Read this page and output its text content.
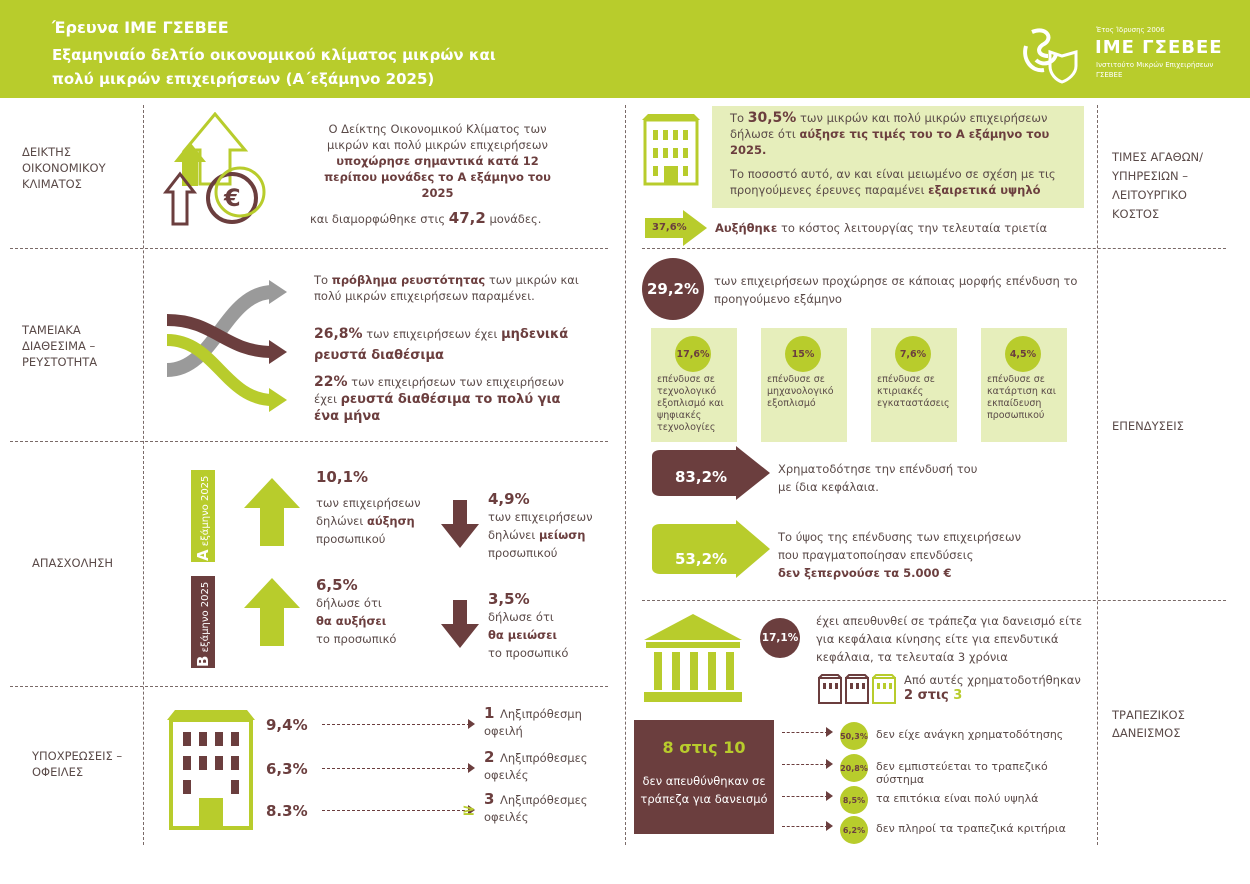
Έρευνα ΙΜΕ ΓΣΕΒΕΕ
Εξαμηνιαίο δελτίο οικονομικού κλίματος μικρών και πολύ μικρών επιχειρήσεων (Α΄εξάμηνο 2025)
Έτος Ίδρυσης 2006
ΙΜΕ ΓΣΕΒΕΕ
Ινστιτούτο Μικρών Επιχειρήσεων ΓΣΕΒΕΕ
ΔΕΙΚΤΗΣ ΟΙΚΟΝΟΜΙΚΟΥ ΚΛΙΜΑΤΟΣ
ΤΑΜΕΙΑΚΑ ΔΙΑΘΕΣΙΜΑ – ΡΕΥΣΤΟΤΗΤΑ
ΑΠΑΣΧΟΛΗΣΗ
ΥΠΟΧΡΕΩΣΕΙΣ – ΟΦΕΙΛΕΣ
ΤΙΜΕΣ ΑΓΑΘΩΝ/ ΥΠΗΡΕΣΙΩΝ – ΛΕΙΤΟΥΡΓΙΚΟ ΚΟΣΤΟΣ
ΕΠΕΝΔΥΣΕΙΣ
ΤΡΑΠΕΖΙΚΟΣ ΔΑΝΕΙΣΜΟΣ
€
Ο Δείκτης Οικονομικού Κλίματος των μικρών και πολύ μικρών επιχειρήσεων υποχώρησε σημαντικά κατά 12 περίπου μονάδες το Α εξάμηνο του 2025
και διαμορφώθηκε στις 47,2 μονάδες.
Το πρόβλημα ρευστότητας των μικρών και πολύ μικρών επιχειρήσεων παραμένει.
26,8% των επιχειρήσεων έχει μηδενικά ρευστά διαθέσιμα
22% των επιχειρήσεων των επιχειρήσεων έχει ρευστά διαθέσιμα το πολύ για ένα μήνα
Α εξάμηνο 2025
Β εξάμηνο 2025
10,1%
των επιχειρήσεων
δηλώνει αύξηση
προσωπικού
4,9%
των επιχειρήσεων
δηλώνει μείωση
προσωπικού
6,5%
δήλωσε ότι
θα αυξήσει
το προσωπικό
3,5%
δήλωσε ότι
θα μειώσει
το προσωπικό
9,4%
1 Ληξιπρόθεσμη οφειλή
6,3%
2 Ληξιπρόθεσμες οφειλές
8.3%	≥
3 Ληξιπρόθεσμες οφειλές
Το 30,5% των μικρών και πολύ μικρών επιχειρήσεων δήλωσε ότι αύξησε τις τιμές του το Α εξάμηνο του 2025.
Το ποσοστό αυτό, αν και είναι μειωμένο σε σχέση με τις προηγούμενες έρευνες παραμένει εξαιρετικά υψηλό
37,6% Αυξήθηκε το κόστος λειτουργίας την τελευταία τριετία
29,2%	των επιχειρήσεων προχώρησε σε κάποιας μορφής επένδυση το προηγούμενο εξάμηνο
17,6%
επένδυσε σε τεχνολογικό εξοπλισμό και ψηφιακές τεχνολογίες
15%
επένδυσε σε μηχανολογικό εξοπλισμό
7,6%
επένδυσε σε κτιριακές εγκαταστάσεις
4,5%
επένδυσε σε κατάρτιση και εκπαίδευση προσωπικού
83,2%	Χρηματοδότησε την επένδυσή του με ίδια κεφάλαια.
53,2%
Το ύψος της επένδυσης των επιχειρήσεων που πραγματοποίησαν επενδύσεις
δεν ξεπερνούσε τα 5.000 €
17,1%
έχει απευθυνθεί σε τράπεζα για δανεισμό είτε για κεφάλαια κίνησης είτε για επενδυτικά κεφάλαια, τα τελευταία 3 χρόνια
Από αυτές χρηματοδοτήθηκαν
2 στις 3
8 στις 10
δεν απευθύνθηκαν σε τράπεζα για δανεισμό
50,3% δεν είχε ανάγκη χρηματοδότησης
20,8% δεν εμπιστεύεται το τραπεζικό σύστημα
8,5% τα επιτόκια είναι πολύ υψηλά
6,2% δεν πληροί τα τραπεζικά κριτήρια
